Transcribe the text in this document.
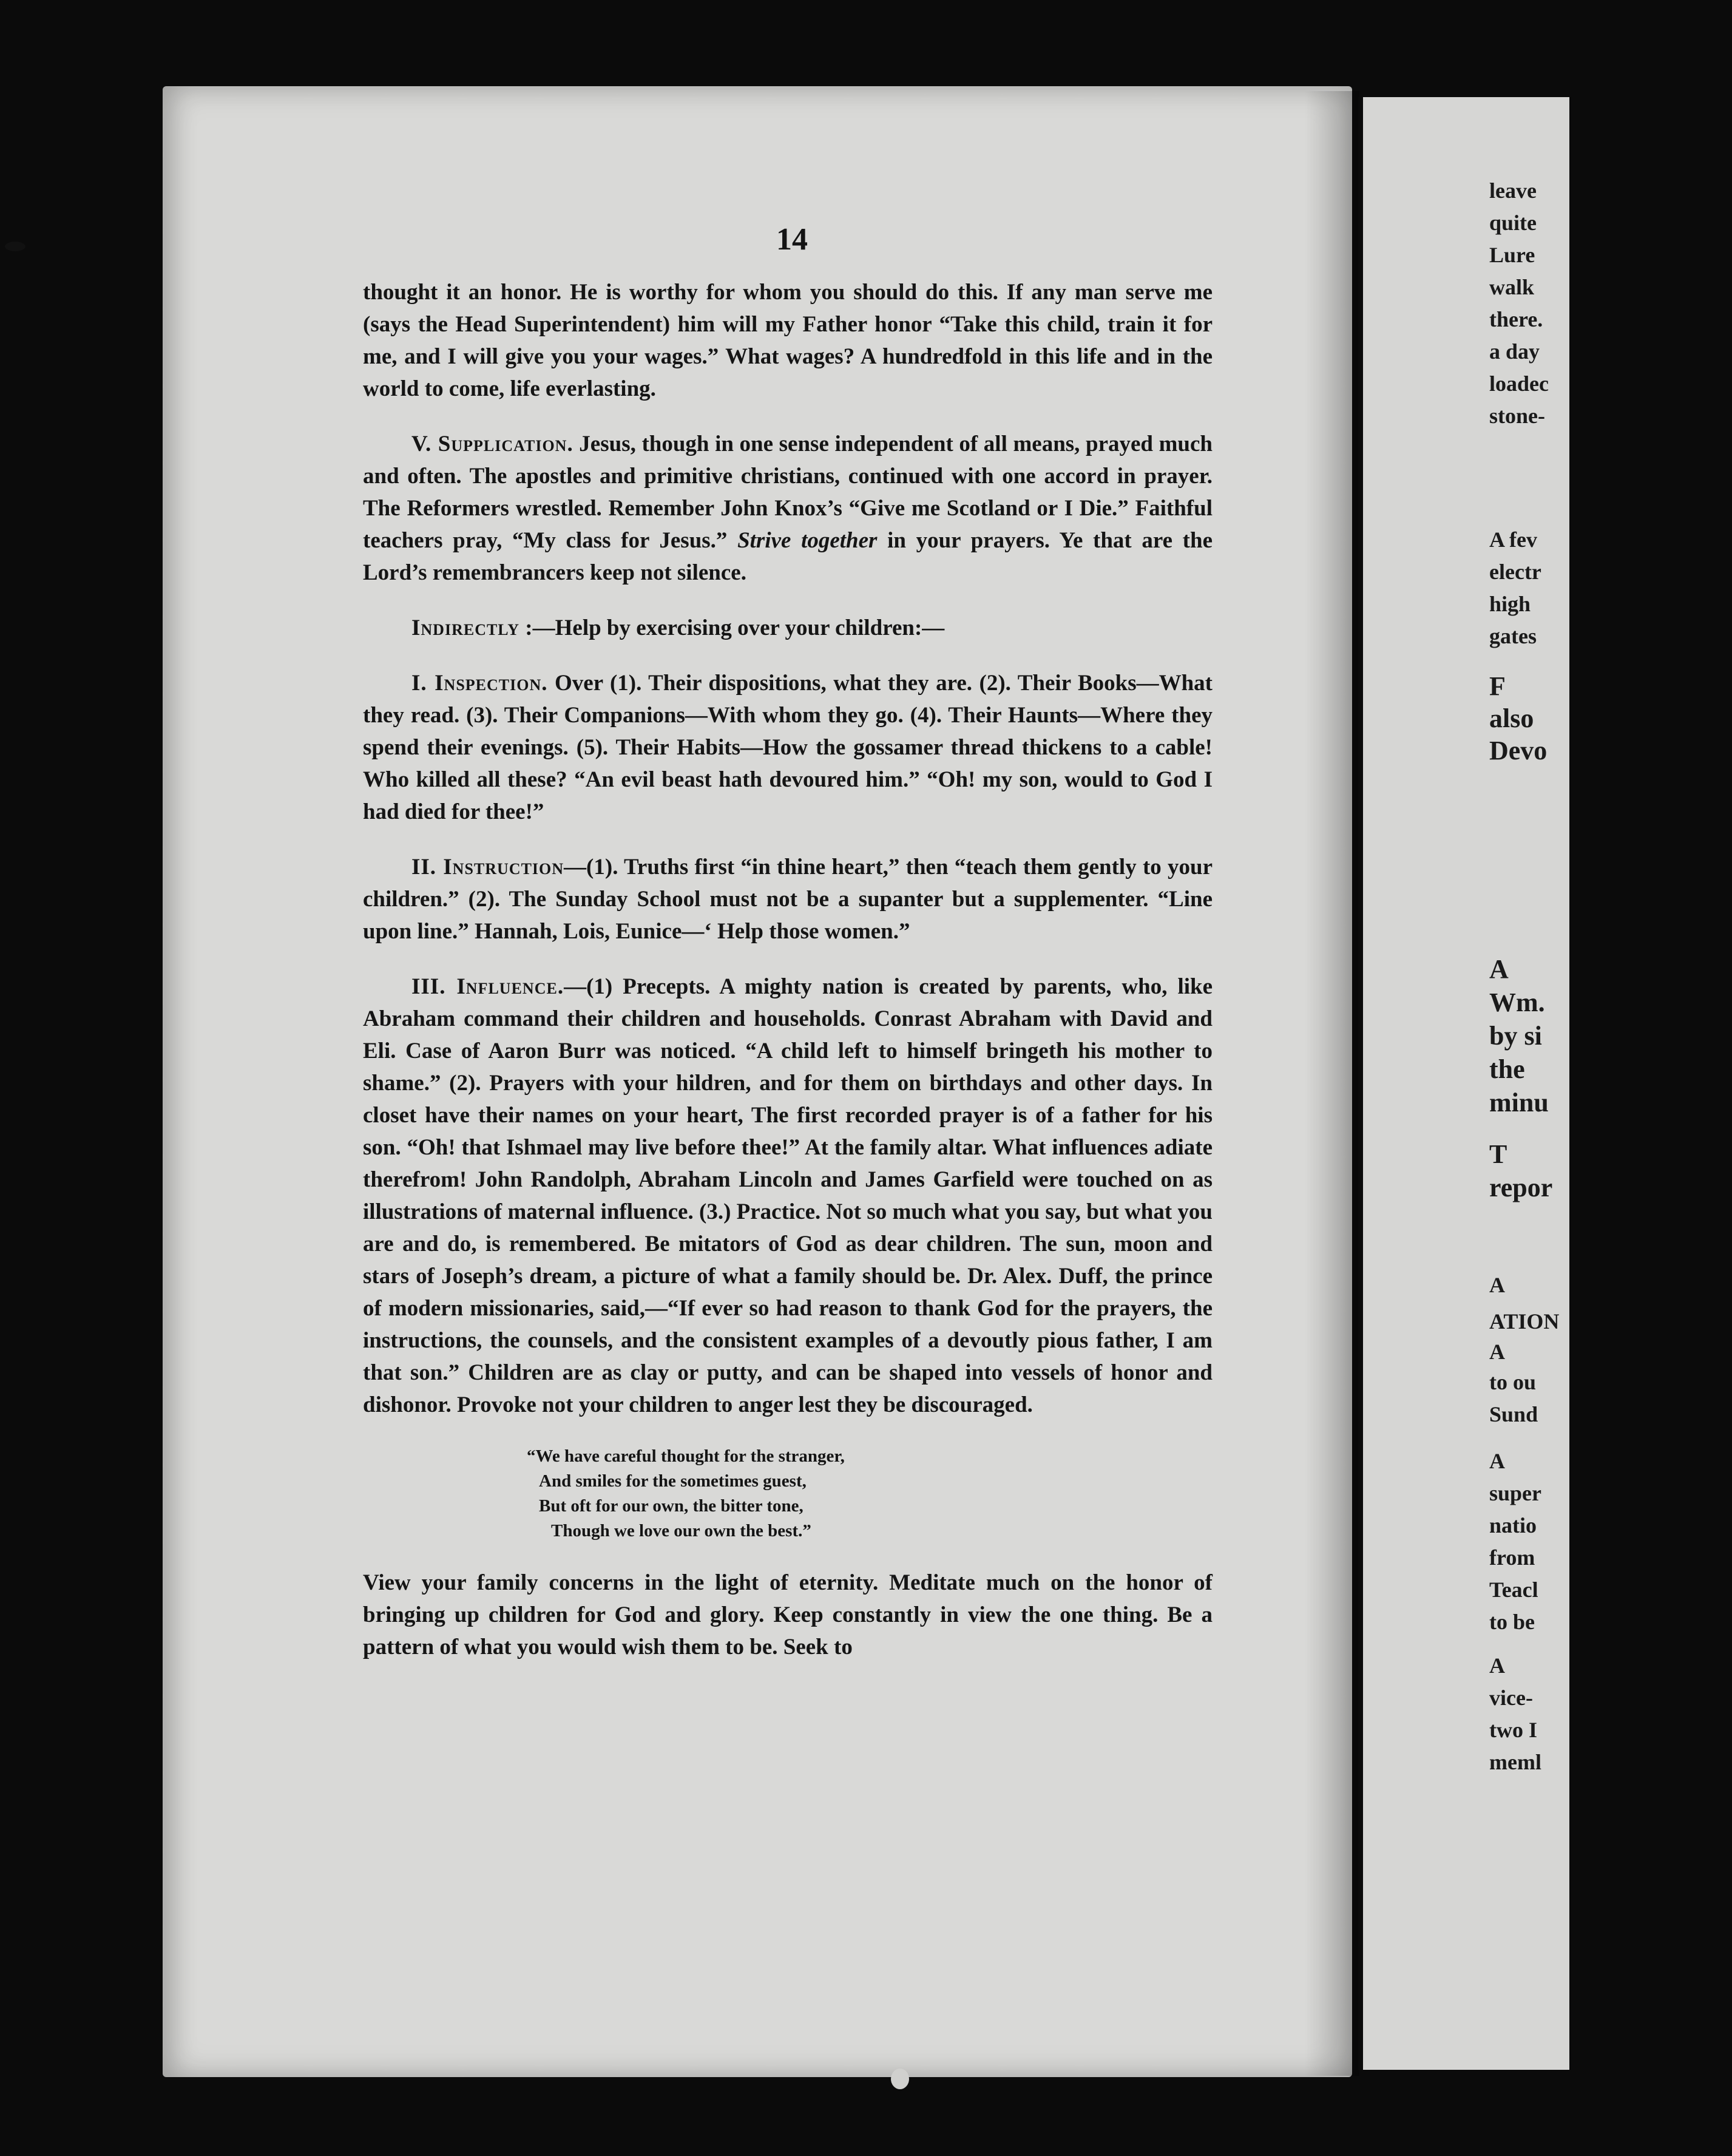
14

thought it an honor. He is worthy for whom you should do this. If any man serve me (says the Head Superintendent) him will my Father honor “Take this child, train it for me, and I will give you your wages.” What wages? A hundredfold in this life and in the world to come, life everlasting.

V. Supplication. Jesus, though in one sense independent of all means, prayed much and often. The apostles and primitive christians, continued with one accord in prayer. The Reformers wrestled. Remember John Knox’s “Give me Scotland or I Die.” Faithful teachers pray, “My class for Jesus.” Strive together in your prayers. Ye that are the Lord’s remembrancers keep not silence.

Indirectly :—Help by exercising over your children:—

I. Inspection. Over (1). Their dispositions, what they are. (2). Their Books—What they read. (3). Their Companions—With whom they go. (4). Their Haunts—Where they spend their evenings. (5). Their Habits—How the gossamer thread thickens to a cable! Who killed all these? “An evil beast hath devoured him.” “Oh! my son, would to God I had died for thee!”

II. Instruction—(1). Truths first “in thine heart,” then “teach them gently to your children.” (2). The Sunday School must not be a supanter but a supplementer. “Line upon line.” Hannah, Lois, Eunice—‘ Help those women.”

III. Influence.—(1) Precepts. A mighty nation is created by parents, who, like Abraham command their children and households. Conrast Abraham with David and Eli. Case of Aaron Burr was noticed. “A child left to himself bringeth his mother to shame.” (2). Prayers with your hildren, and for them on birthdays and other days. In closet have their names on your heart, The first recorded prayer is of a father for his son. “Oh! that Ishmael may live before thee!” At the family altar. What influences adiate therefrom! John Randolph, Abraham Lincoln and James Garfield were touched on as illustrations of maternal influence. (3.) Practice. Not so much what you say, but what you are and do, is remembered. Be mitators of God as dear children. The sun, moon and stars of Joseph’s dream, a picture of what a family should be. Dr. Alex. Duff, the prince of modern missionaries, said,—“If ever so had reason to thank God for the prayers, the instructions, the counsels, and the consistent examples of a devoutly pious father, I am that son.” Children are as clay or putty, and can be shaped into vessels of honor and dishonor. Provoke not your children to anger lest they be discouraged.

“We have careful thought for the stranger,
And smiles for the sometimes guest,
But oft for our own, the bitter tone,
Though we love our own the best.”

View your family concerns in the light of eternity. Meditate much on the honor of bringing up children for God and glory. Keep constantly in view the one thing. Be a pattern of what you would wish them to be. Seek to

leave
quite
Lure
walk
there.
a day
loadec
stone-
A fev
electr
high
gates
F
also
Devo
A
Wm.
by si
the
minu
T
repor
A
ATION
A
to ou
Sund
A
super
natio
from
Teacl
to be
A
vice-
two I
meml
